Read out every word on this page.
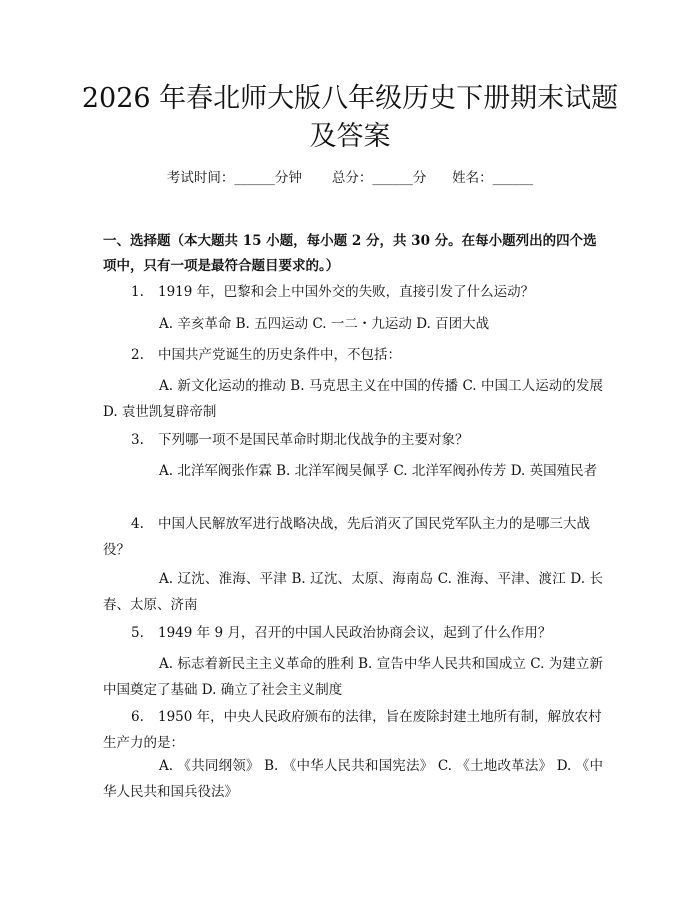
2026 年春北师大版八年级历史下册期末试题
及答案
考试时间：______分钟 总分：______分 姓名：______
一、选择题（本大题共 15 小题，每小题 2 分，共 30 分。在每小题列出的四个选项中，只有一项是最符合题目要求的。）
1. 1919 年，巴黎和会上中国外交的失败，直接引发了什么运动？
A. 辛亥革命 B. 五四运动 C. 一二・九运动 D. 百团大战
2. 中国共产党诞生的历史条件中，不包括：
A. 新文化运动的推动 B. 马克思主义在中国的传播 C. 中国工人运动的发展 D. 袁世凯复辟帝制
3. 下列哪一项不是国民革命时期北伐战争的主要对象？
A. 北洋军阀张作霖 B. 北洋军阀吴佩孚 C. 北洋军阀孙传芳 D. 英国殖民者
4. 中国人民解放军进行战略决战，先后消灭了国民党军队主力的是哪三大战役？
A. 辽沈、淮海、平津 B. 辽沈、太原、海南岛 C. 淮海、平津、渡江 D. 长春、太原、济南
5. 1949 年 9 月，召开的中国人民政治协商会议，起到了什么作用？
A. 标志着新民主主义革命的胜利 B. 宣告中华人民共和国成立 C. 为建立新中国奠定了基础 D. 确立了社会主义制度
6. 1950 年，中央人民政府颁布的法律，旨在废除封建土地所有制，解放农村生产力的是：
A. 《共同纲领》 B. 《中华人民共和国宪法》 C. 《土地改革法》 D. 《中华人民共和国兵役法》
